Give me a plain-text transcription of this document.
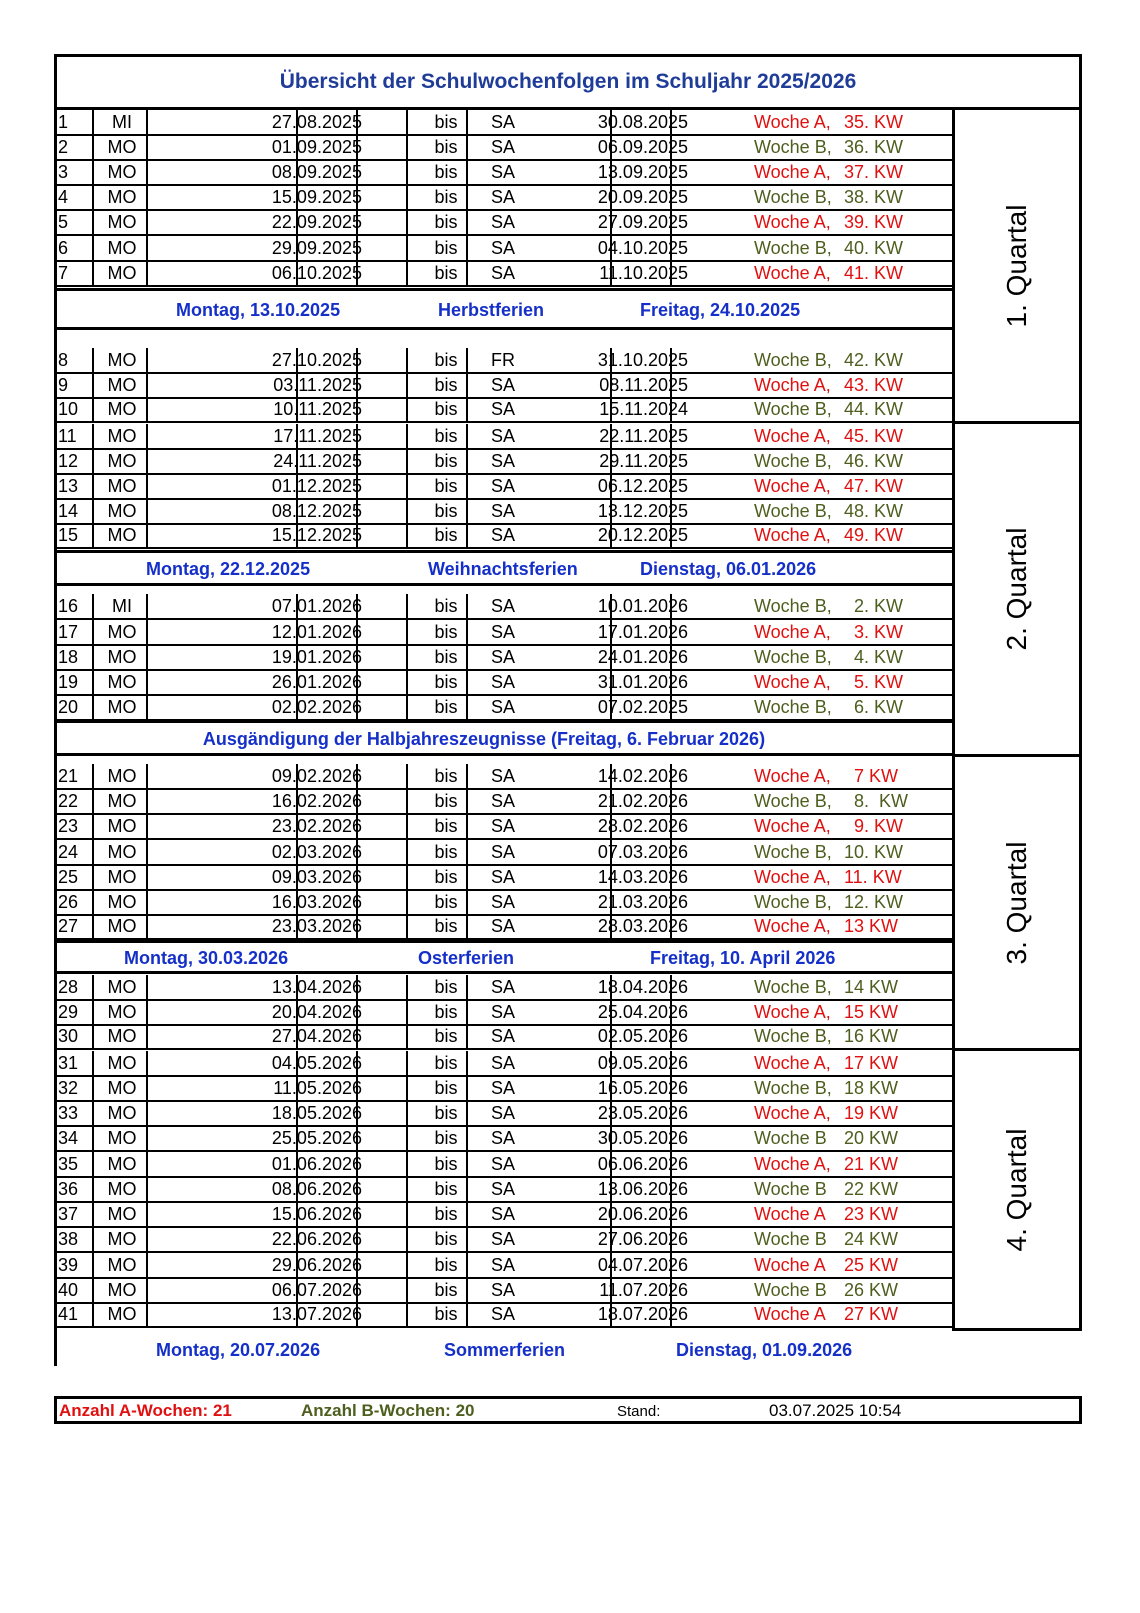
Übersicht der Schulwochenfolgen im Schuljahr 2025/2026
1	MI	27.08.2025	bis	SA	30.08.2025	Woche A, 35. KW
2	MO	01.09.2025	bis	SA	06.09.2025	Woche B, 36. KW
3	MO	08.09.2025	bis	SA	13.09.2025	Woche A, 37. KW
4	MO	15.09.2025	bis	SA	20.09.2025	Woche B, 38. KW
5	MO	22.09.2025	bis	SA	27.09.2025	Woche A, 39. KW
6	MO	29.09.2025	bis	SA	04.10.2025	Woche B, 40. KW
7	MO	06.10.2025	bis	SA	11.10.2025	Woche A, 41. KW
8	MO	27.10.2025	bis	FR	31.10.2025	Woche B, 42. KW
9	MO	03.11.2025	bis	SA	08.11.2025	Woche A, 43. KW
10	MO	10.11.2025	bis	SA	15.11.2024	Woche B, 44. KW
11	MO	17.11.2025	bis	SA	22.11.2025	Woche A, 45. KW
12	MO	24.11.2025	bis	SA	29.11.2025	Woche B, 46. KW
13	MO	01.12.2025	bis	SA	06.12.2025	Woche A, 47. KW
14	MO	08.12.2025	bis	SA	13.12.2025	Woche B, 48. KW
15	MO	15.12.2025	bis	SA	20.12.2025	Woche A, 49. KW
16	MI	07.01.2026	bis	SA	10.01.2026	Woche B, 2. KW
17	MO	12.01.2026	bis	SA	17.01.2026	Woche A, 3. KW
18	MO	19.01.2026	bis	SA	24.01.2026	Woche B, 4. KW
19	MO	26.01.2026	bis	SA	31.01.2026	Woche A, 5. KW
20	MO	02.02.2026	bis	SA	07.02.2025	Woche B, 6. KW
21	MO	09.02.2026	bis	SA	14.02.2026	Woche A, 7 KW
22	MO	16.02.2026	bis	SA	21.02.2026	Woche B, 8.  KW
23	MO	23.02.2026	bis	SA	28.02.2026	Woche A, 9. KW
24	MO	02.03.2026	bis	SA	07.03.2026	Woche B, 10. KW
25	MO	09.03.2026	bis	SA	14.03.2026	Woche A, 11. KW
26	MO	16.03.2026	bis	SA	21.03.2026	Woche B, 12. KW
27	MO	23.03.2026	bis	SA	28.03.2026	Woche A, 13 KW
28	MO	13.04.2026	bis	SA	18.04.2026	Woche B, 14 KW
29	MO	20.04.2026	bis	SA	25.04.2026	Woche A, 15 KW
30	MO	27.04.2026	bis	SA	02.05.2026	Woche B, 16 KW
31	MO	04.05.2026	bis	SA	09.05.2026	Woche A, 17 KW
32	MO	11.05.2026	bis	SA	16.05.2026	Woche B, 18 KW
33	MO	18.05.2026	bis	SA	23.05.2026	Woche A, 19 KW
34	MO	25.05.2026	bis	SA	30.05.2026	Woche B 20 KW
35	MO	01.06.2026	bis	SA	06.06.2026	Woche A, 21 KW
36	MO	08.06.2026	bis	SA	13.06.2026	Woche B 22 KW
37	MO	15.06.2026	bis	SA	20.06.2026	Woche A 23 KW
38	MO	22.06.2026	bis	SA	27.06.2026	Woche B 24 KW
39	MO	29.06.2026	bis	SA	04.07.2026	Woche A 25 KW
40	MO	06.07.2026	bis	SA	11.07.2026	Woche B 26 KW
41	MO	13.07.2026	bis	SA	18.07.2026	Woche A 27 KW
Montag, 13.10.2025	Herbstferien	Freitag, 24.10.2025
Montag, 22.12.2025	Weihnachtsferien	Dienstag, 06.01.2026
Ausgändigung der Halbjahreszeugnisse (Freitag, 6. Februar 2026)
Montag, 30.03.2026	Osterferien	Freitag, 10. April 2026
1. Quartal
2. Quartal
3. Quartal
4. Quartal
Montag, 20.07.2026	Sommerferien	Dienstag, 01.09.2026
Anzahl A-Wochen: 21	Anzahl B-Wochen: 20	Stand:	03.07.2025 10:54
